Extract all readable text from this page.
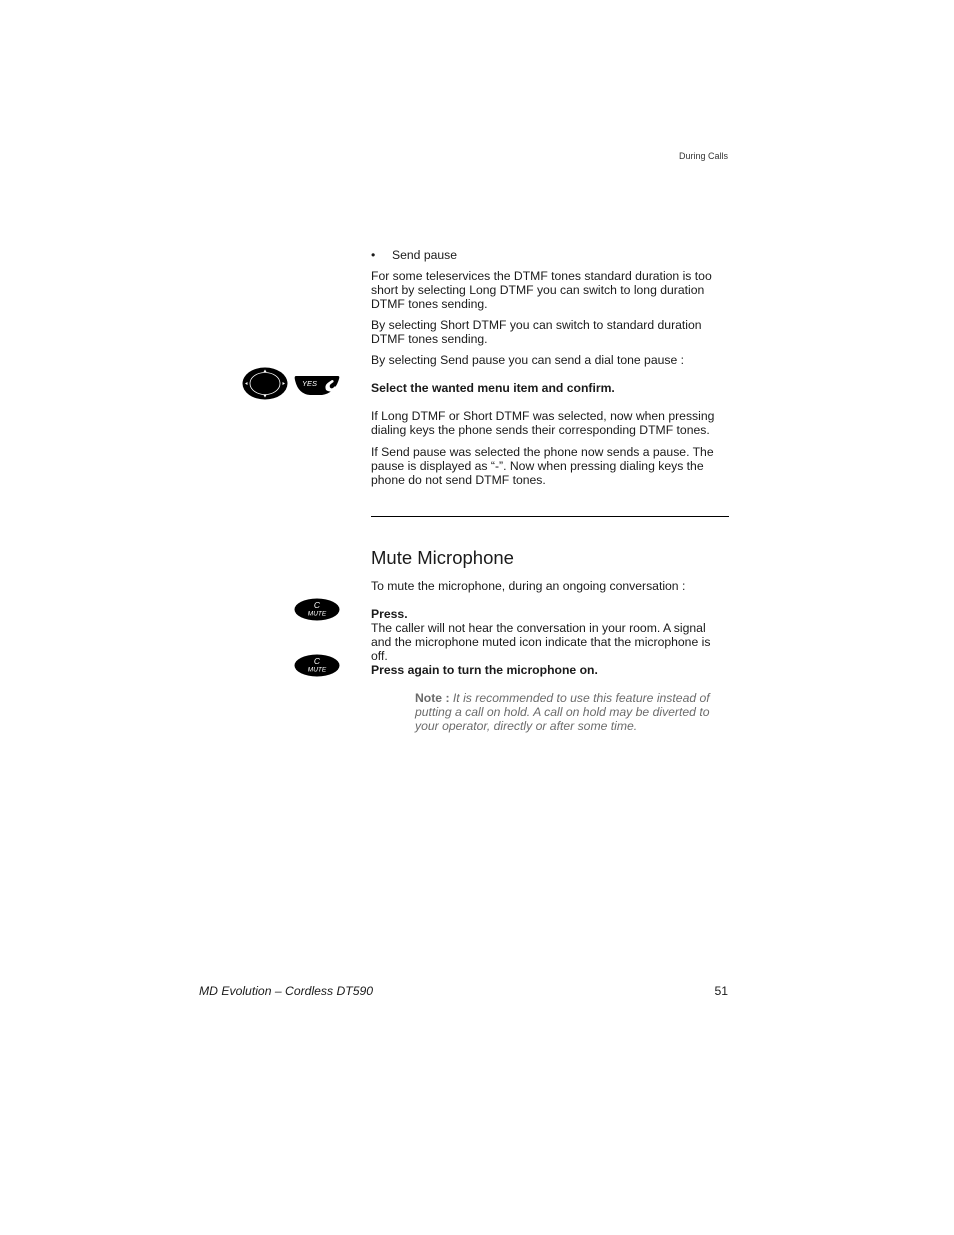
During Calls
• Send pause

For some teleservices the DTMF tones standard duration is too short by selecting Long DTMF you can switch to long duration DTMF tones sending.

By selecting Short DTMF you can switch to standard duration DTMF tones sending.

By selecting Send pause you can send a dial tone pause :

YES	Select the wanted menu item and confirm.

If Long DTMF or Short DTMF was selected, now when pressing dialing keys the phone sends their corresponding DTMF tones.

If Send pause was selected the phone now sends a pause. The pause is displayed as “-”. Now when pressing dialing keys the phone do not send DTMF tones.

Mute Microphone

To mute the microphone, during an ongoing conversation :

C
MUTE	Press.

The caller will not hear the conversation in your room. A signal and the microphone muted icon indicate that the microphone is off.

C
MUTE	Press again to turn the microphone on.
Note : It is recommended to use this feature instead of putting a call on hold. A call on hold may be diverted to your operator, directly or after some time.
MD Evolution – Cordless DT590	51
